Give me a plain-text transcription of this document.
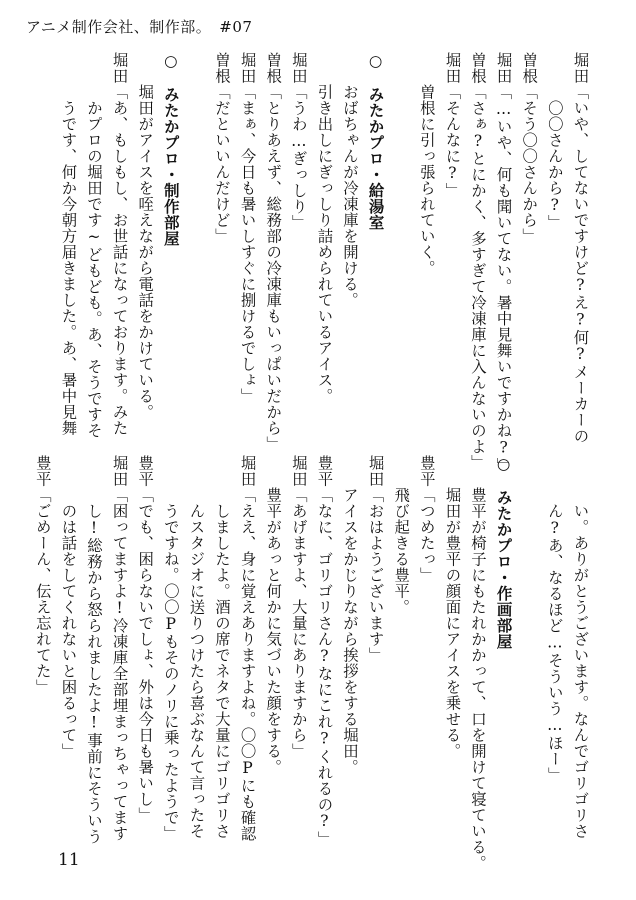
アニメ制作会社、制作部。　#07
堀田「いや、してないですけど?え?何?メーカーの
　　　〇〇さんから?」
曽根「そう〇〇さんから」
堀田「…いや、何も聞いてない。暑中見舞いですかね?」
曽根「さぁ?とにかく、多すぎて冷凍庫に入んないのよ」
堀田「そんなに?」
　　曽根に引っ張られていく。
○　みたかプロ・給湯室
　　おばちゃんが冷凍庫を開ける。
　　引き出しにぎっしり詰められているアイス。
堀田「うわ…ぎっしり」
曽根「とりあえず、総務部の冷凍庫もいっぱいだから」
堀田「まぁ、今日も暑いしすぐに捌けるでしょ」
曽根「だといいんだけど」
○　みたかプロ・制作部屋
　　堀田がアイスを咥えながら電話をかけている。
堀田「あ、もしもし、お世話になっております。みた
　　　かプロの堀田です~どもども。あ、そうですそ
　　　うです、何か今朝方届きました。あ、暑中見舞
　　　い。ありがとうございます。なんでゴリゴリさ
　　　ん?あ、なるほど…そういう…ほー」
○　みたかプロ・作画部屋
　　豊平が椅子にもたれかかって、口を開けて寝ている。
　　堀田が豊平の顔面にアイスを乗せる。
豊平「つめたっ」
　　飛び起きる豊平。
堀田「おはようございます」
　　アイスをかじりながら挨拶をする堀田。
豊平「なに、ゴリゴリさん?なにこれ?くれるの?」
堀田「あげますよ、大量にありますから」
　　豊平があっと何かに気づいた顔をする。
堀田「ええ、身に覚えありますよね。〇〇Pにも確認
　　　しましたよ。酒の席でネタで大量にゴリゴリさ
　　　んスタジオに送りつけたら喜ぶなんて言ったそ
　　　うですね。〇〇Pもそのノリに乗ったようで」
豊平「でも、困らないでしょ、外は今日も暑いし」
堀田「困ってますよ!冷凍庫全部埋まっちゃってます
　　　し!総務から怒られましたよ!事前にそういう
　　　のは話をしてくれないと困るって」
豊平「ごめーん、伝え忘れてた」
11
